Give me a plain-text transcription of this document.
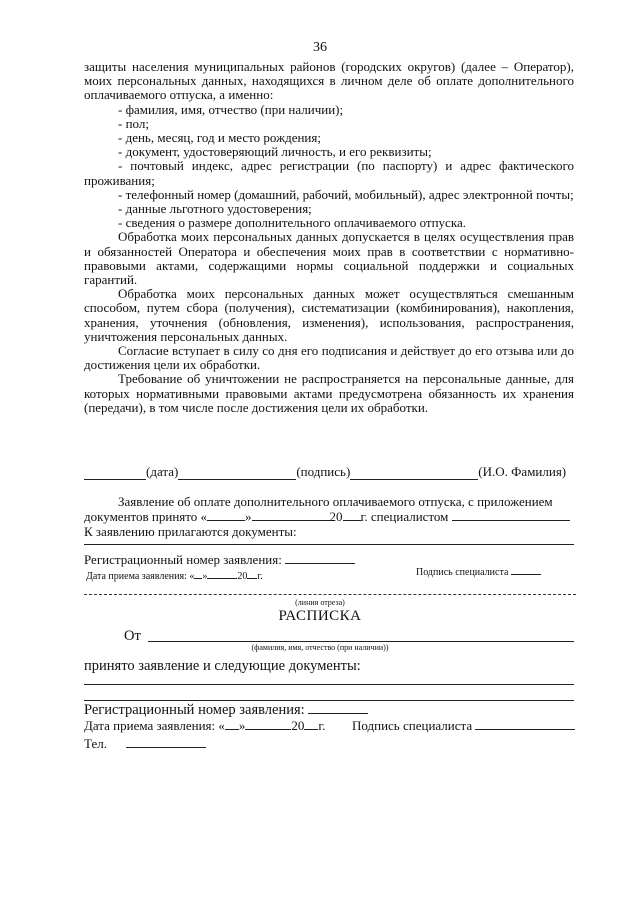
36

защиты населения муниципальных районов (городских округов) (далее – Оператор), моих персональных данных, находящихся в личном деле об оплате дополнительного оплачиваемого отпуска, а именно:

- фамилия, имя, отчество (при наличии);

- пол;

- день, месяц, год и место рождения;

- документ, удостоверяющий личность, и его реквизиты;

- почтовый индекс, адрес регистрации (по паспорту) и адрес фактического проживания;

- телефонный номер (домашний, рабочий, мобильный), адрес электронной почты;

- данные льготного удостоверения;

- сведения о размере дополнительного оплачиваемого отпуска.

Обработка моих персональных данных допускается в целях осуществления прав и обязанностей Оператора и обеспечения моих прав в соответствии с нормативно-правовыми актами, содержащими нормы социальной поддержки и социальных гарантий.

Обработка моих персональных данных может осуществляться смешанным способом, путем сбора (получения), систематизации (комбинирования), накопления, хранения, уточнения (обновления, изменения), использования, распространения, уничтожения персональных данных.

Согласие вступает в силу со дня его подписания и действует до его отзыва или до достижения цели их обработки.

Требование об уничтожении не распространяется на персональные данные, для которых нормативными правовыми актами предусмотрена обязанность их хранения (передачи), в том числе после достижения цели их обработки.

(дата)	(подпись)	(И.О. Фамилия)
Заявление об оплате дополнительного оплачиваемого отпуска, с приложением
документов принято «	»	20 г. специалистом
К заявлению прилагаются документы:
Регистрационный номер заявления:
Дата приема заявления: « »	20 г.	Подпись специалиста
(линия отреза)
РАСПИСКА
От
(фамилия, имя, отчество (при наличии))
принято заявление и следующие документы:
Регистрационный номер заявления:
Дата приема заявления: « »	20 г. Подпись специалиста
Тел.
